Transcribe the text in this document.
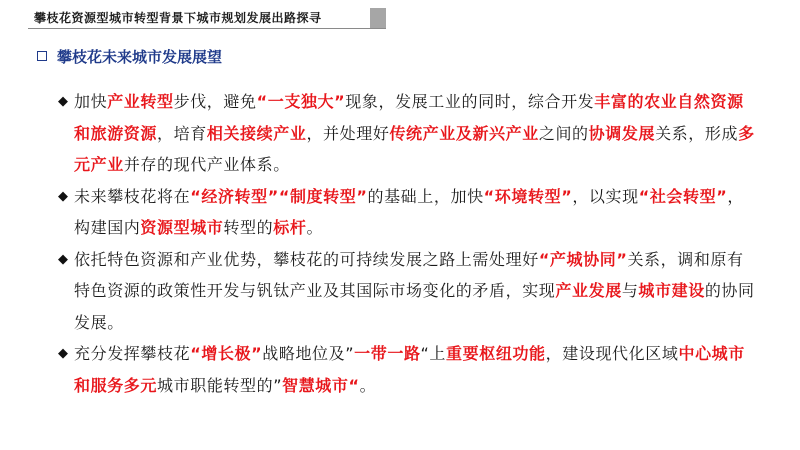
攀枝花资源型城市转型背景下城市规划发展出路探寻
攀枝花未来城市发展展望
◆ 加快产业转型步伐，避免“一支独大”现象，发展工业的同时，综合开发丰富的农业自然资源和旅游资源，培育相关接续产业，并处理好传统产业及新兴产业之间的协调发展关系，形成多元产业并存的现代产业体系。
◆ 未来攀枝花将在“经济转型”“制度转型”的基础上，加快“环境转型”，以实现“社会转型”，构建国内资源型城市转型的标杆。
◆ 依托特色资源和产业优势，攀枝花的可持续发展之路上需处理好“产城协同”关系，调和原有特色资源的政策性开发与钒钛产业及其国际市场变化的矛盾，实现产业发展与城市建设的协同发展。
◆ 充分发挥攀枝花“增长极”战略地位及”一带一路“上重要枢纽功能，建设现代化区域中心城市和服务多元城市职能转型的”智慧城市“。
